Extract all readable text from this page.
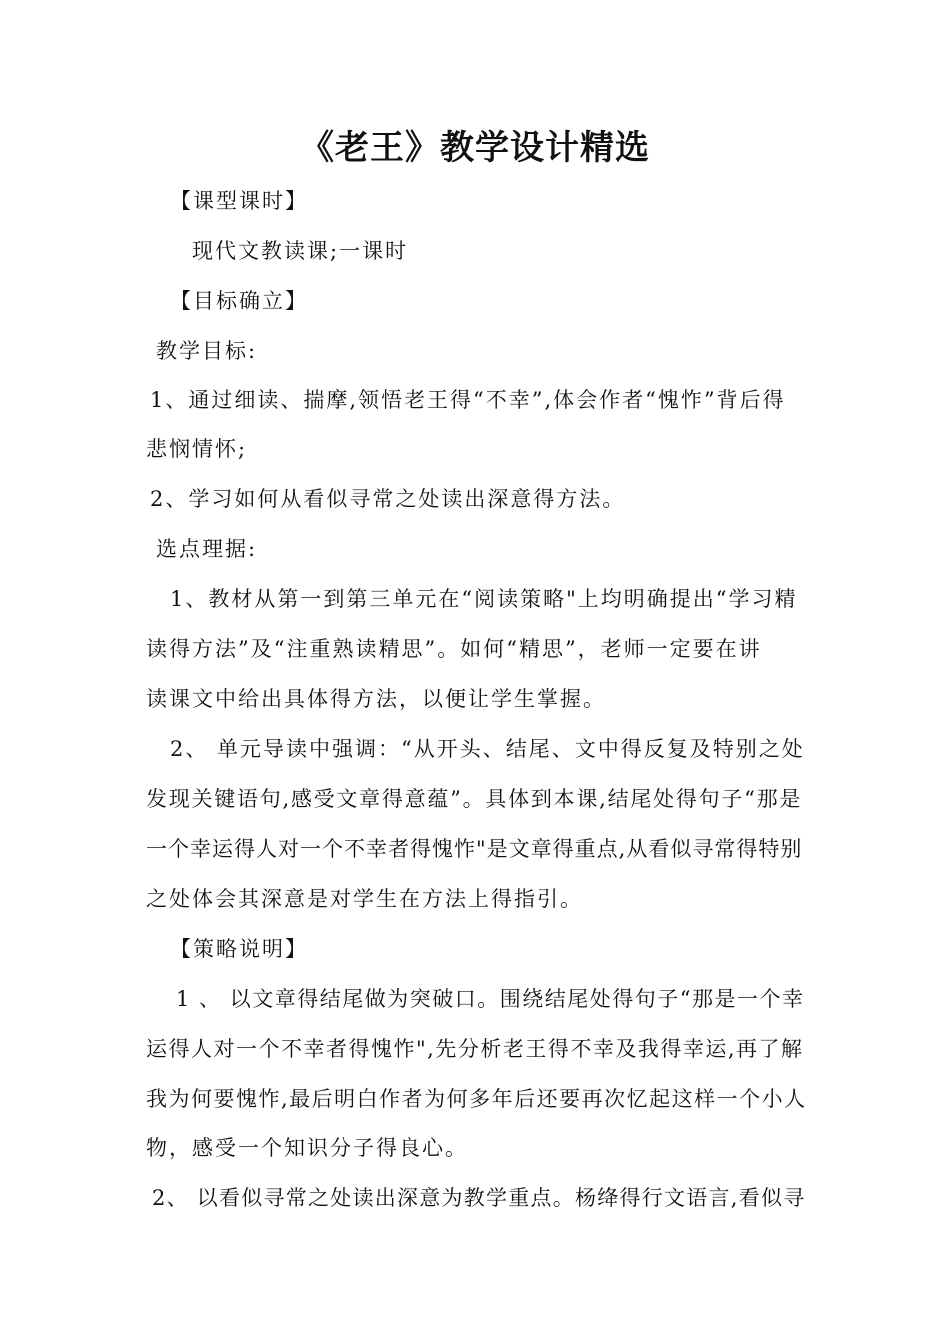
《老王》教学设计精选
【课型课时】
现代文教读课;一课时
【目标确立】
教学目标:
1、通过细读、揣摩,领悟老王得“不幸”,体会作者“愧怍”背后得
悲悯情怀;
2、学习如何从看似寻常之处读出深意得方法。
选点理据:
1、教材从第一到第三单元在“阅读策略"上均明确提出“学习精
读得方法”及“注重熟读精思”。如何“精思”，老师一定要在讲
读课文中给出具体得方法，以便让学生掌握。
2、 单元导读中强调：“从开头、结尾、文中得反复及特别之处
发现关键语句,感受文章得意蕴”。具体到本课,结尾处得句子“那是
一个幸运得人对一个不幸者得愧怍"是文章得重点,从看似寻常得特别
之处体会其深意是对学生在方法上得指引。
【策略说明】
1 、 以文章得结尾做为突破口。围绕结尾处得句子“那是一个幸
运得人对一个不幸者得愧怍",先分析老王得不幸及我得幸运,再了解
我为何要愧怍,最后明白作者为何多年后还要再次忆起这样一个小人
物，感受一个知识分子得良心。
2、 以看似寻常之处读出深意为教学重点。杨绛得行文语言,看似寻
